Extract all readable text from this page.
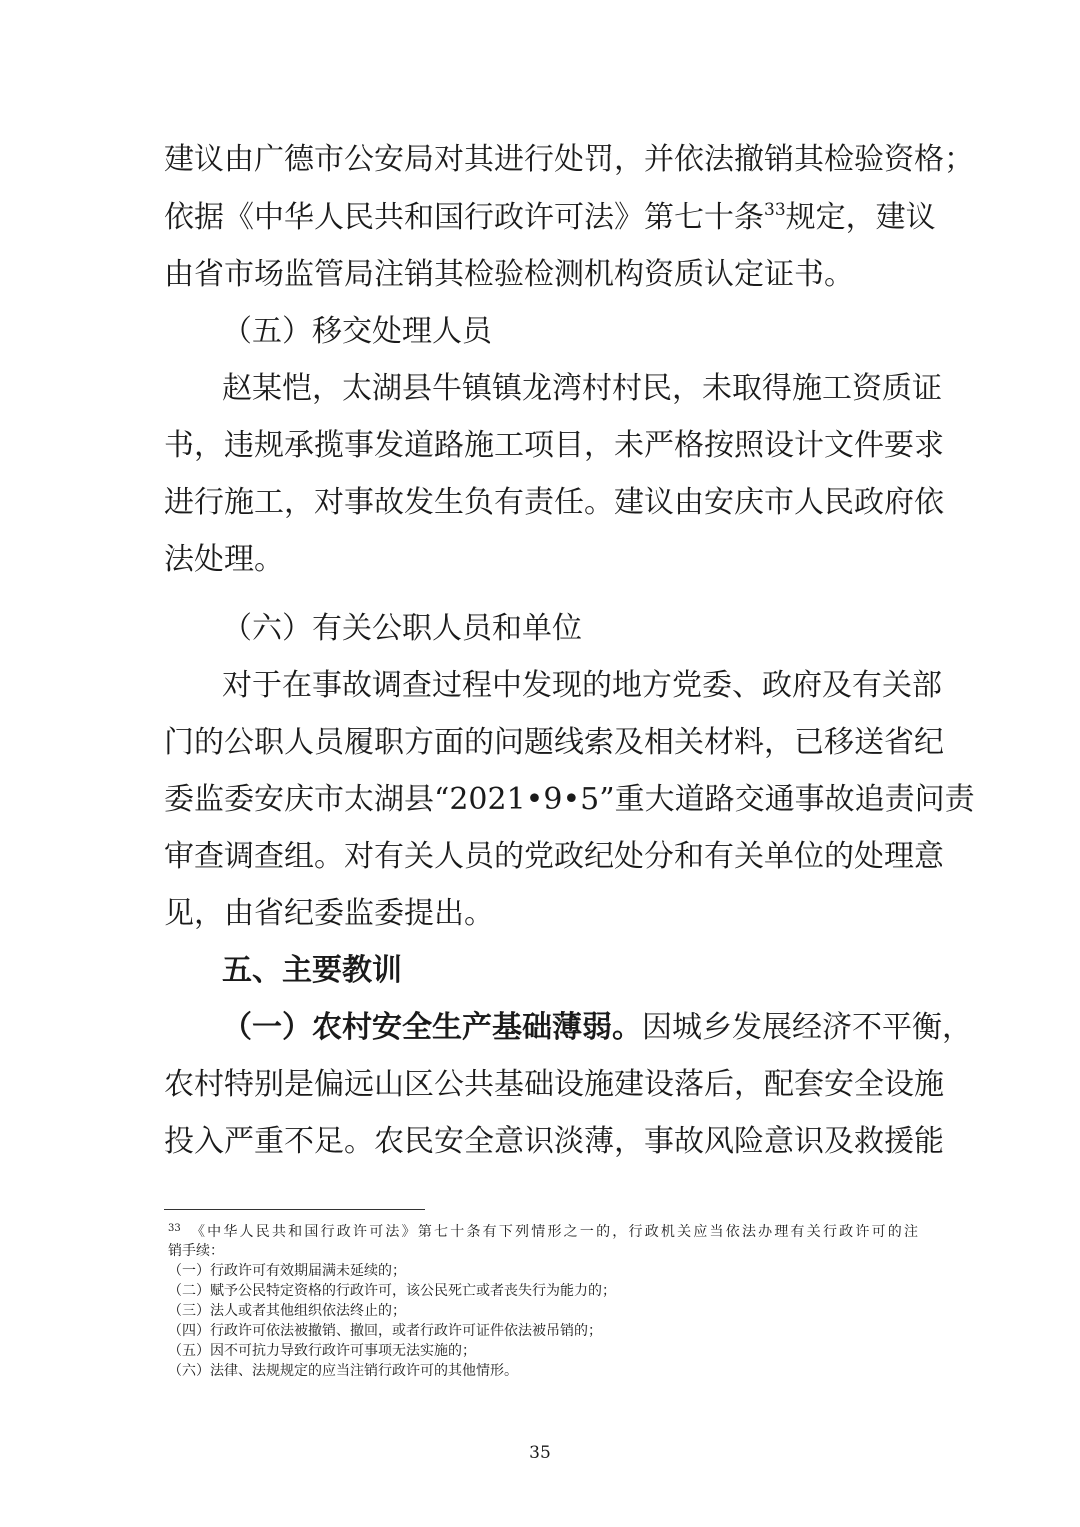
建议由广德市公安局对其进行处罚，并依法撤销其检验资格；
依据《中华人民共和国行政许可法》第七十条$^{33}$规定，建议
由省市场监管局注销其检验检测机构资质认定证书。
（五）移交处理人员
赵某恺，太湖县牛镇镇龙湾村村民，未取得施工资质证
书，违规承揽事发道路施工项目，未严格按照设计文件要求
进行施工，对事故发生负有责任。建议由安庆市人民政府依
法处理。
（六）有关公职人员和单位
对于在事故调查过程中发现的地方党委、政府及有关部
门的公职人员履职方面的问题线索及相关材料，已移送省纪
委监委安庆市太湖县“2021•9•5”重大道路交通事故追责问责
审查调查组。对有关人员的党政纪处分和有关单位的处理意
见，由省纪委监委提出。
五、主要教训
（一）农村安全生产基础薄弱。因城乡发展经济不平衡，
农村特别是偏远山区公共基础设施建设落后，配套安全设施
投入严重不足。农民安全意识淡薄，事故风险意识及救援能
$^{33}$ 《中华人民共和国行政许可法》第七十条有下列情形之一的，行政机关应当依法办理有关行政许可的注
销手续：
（一）行政许可有效期届满未延续的；
（二）赋予公民特定资格的行政许可，该公民死亡或者丧失行为能力的；
（三）法人或者其他组织依法终止的；
（四）行政许可依法被撤销、撤回，或者行政许可证件依法被吊销的；
（五）因不可抗力导致行政许可事项无法实施的；
（六）法律、法规规定的应当注销行政许可的其他情形。
35
